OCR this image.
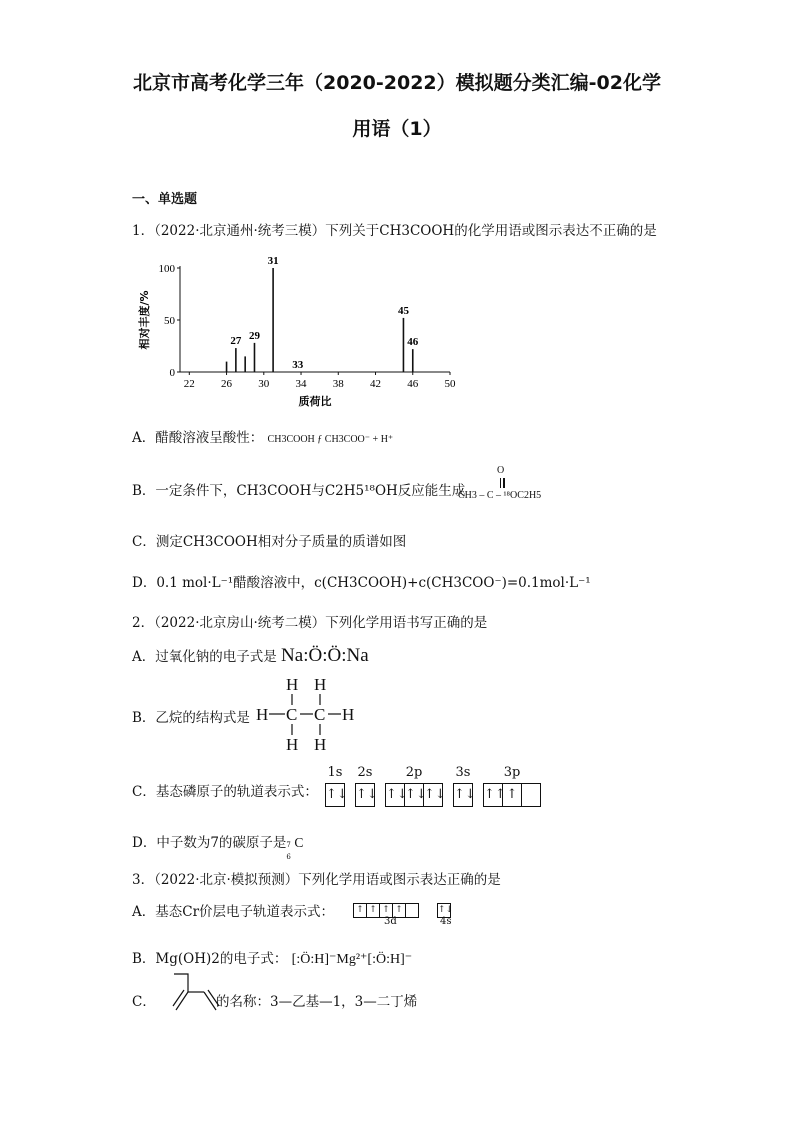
北京市高考化学三年（2020-2022）模拟题分类汇编-02化学
用语（1）
一、单选题
1．（2022·北京通州·统考三模）下列关于CH3COOH的化学用语或图示表达不正确的是
22 26 30 34 38 42 46 50
0
50
100
27 29
31
33
45
46
质荷比
相对丰度/%
A．醋酸溶液呈酸性： CH3COOH ƒ CH3COO⁻ + H⁺
B．一定条件下，CH3COOH与C2H5¹⁸OH反应能生成
O
CH3 – C – ¹⁸OC2H5
C．测定CH3COOH相对分子质量的质谱如图
D．0.1 mol·L⁻¹醋酸溶液中，c(CH3COOH)+c(CH3COO⁻)=0.1mol·L⁻¹
2．（2022·北京房山·统考二模）下列化学用语书写正确的是
A．过氧化钠的电子式是 Na:Ö:Ö:Na
B．乙烷的结构式是
H H
H C C H
H H
C．基态磷原子的轨道表示式：
1s
↑↓
2s
↑↓
2p
↑↓↑↓↑↓
3s
↑↓
3p
↑↑↑
D．中子数为7的碳原子是 7
6
C
3．（2022·北京·模拟预测）下列化学用语或图示表达正确的是
A．基态Cr价层电子轨道表示式：	↑ ↑ ↑ ↑
3d
↑↓
4s
B．Mg(OH)2的电子式： [:Ö:H]⁻Mg²⁺[:Ö:H]⁻
C．	的名称：3—乙基—1，3—二丁烯
